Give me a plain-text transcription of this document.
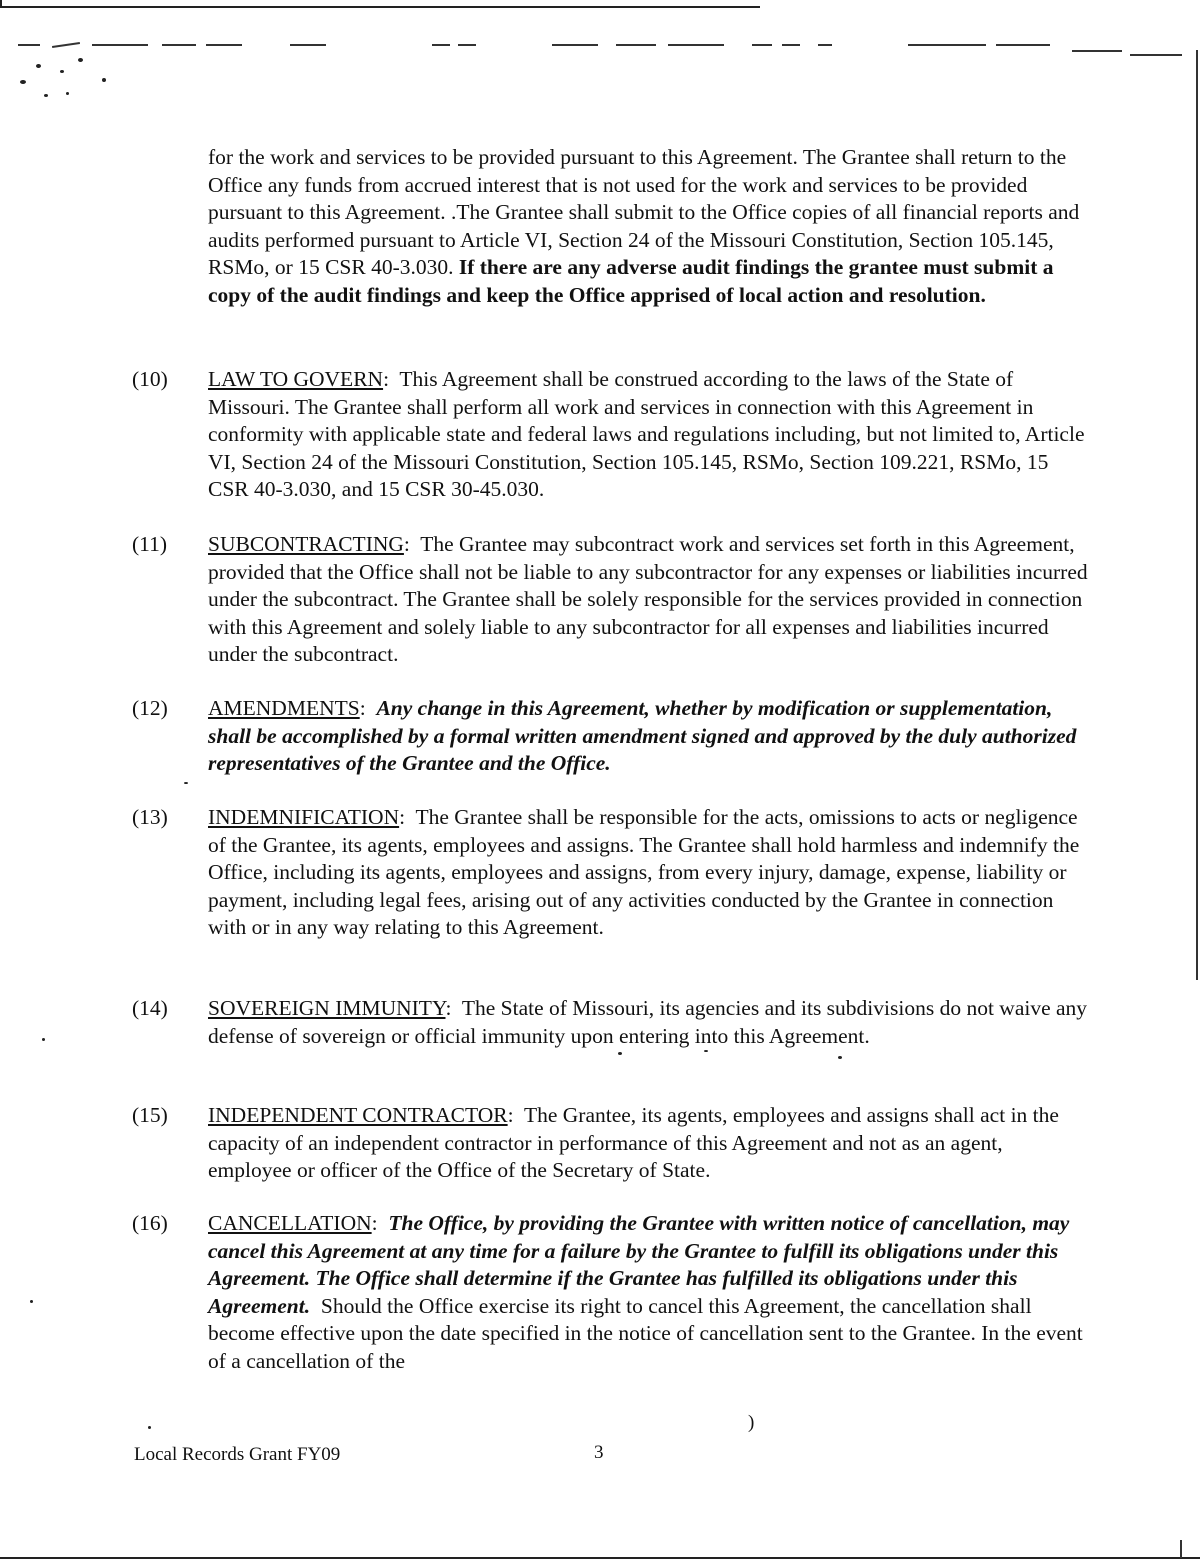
for the work and services to be provided pursuant to this Agreement. The Grantee shall return to the Office any funds from accrued interest that is not used for the work and services to be provided pursuant to this Agreement. .The Grantee shall submit to the Office copies of all financial reports and audits performed pursuant to Article VI, Section 24 of the Missouri Constitution, Section 105.145, RSMo, or 15 CSR 40-3.030. If there are any adverse audit findings the grantee must submit a copy of the audit findings and keep the Office apprised of local action and resolution.

(10) LAW TO GOVERN:  This Agreement shall be construed according to the laws of the State of Missouri. The Grantee shall perform all work and services in connection with this Agreement in conformity with applicable state and federal laws and regulations including, but not limited to, Article VI, Section 24 of the Missouri Constitution, Section 105.145, RSMo, Section 109.221, RSMo, 15 CSR 40-3.030, and 15 CSR 30-45.030.
(11) SUBCONTRACTING:  The Grantee may subcontract work and services set forth in this Agreement, provided that the Office shall not be liable to any subcontractor for any expenses or liabilities incurred under the subcontract. The Grantee shall be solely responsible for the services provided in connection with this Agreement and solely liable to any subcontractor for all expenses and liabilities incurred under the subcontract.
(12) AMENDMENTS:  Any change in this Agreement, whether by modification or supplementation, shall be accomplished by a formal written amendment signed and approved by the duly authorized representatives of the Grantee and the Office.
(13) INDEMNIFICATION:  The Grantee shall be responsible for the acts, omissions to acts or negligence of the Grantee, its agents, employees and assigns. The Grantee shall hold harmless and indemnify the Office, including its agents, employees and assigns, from every injury, damage, expense, liability or payment, including legal fees, arising out of any activities conducted by the Grantee in connection with or in any way relating to this Agreement.
(14) SOVEREIGN IMMUNITY:  The State of Missouri, its agencies and its subdivisions do not waive any defense of sovereign or official immunity upon entering into this Agreement.
(15) INDEPENDENT CONTRACTOR:  The Grantee, its agents, employees and assigns shall act in the capacity of an independent contractor in performance of this Agreement and not as an agent, employee or officer of the Office of the Secretary of State.
(16) CANCELLATION:  The Office, by providing the Grantee with written notice of cancellation, may cancel this Agreement at any time for a failure by the Grantee to fulfill its obligations under this Agreement. The Office shall determine if the Grantee has fulfilled its obligations under this Agreement. Should the Office exercise its right to cancel this Agreement, the cancellation shall become effective upon the date specified in the notice of cancellation sent to the Grantee. In the event of a cancellation of the
)
Local Records Grant FY09	3
